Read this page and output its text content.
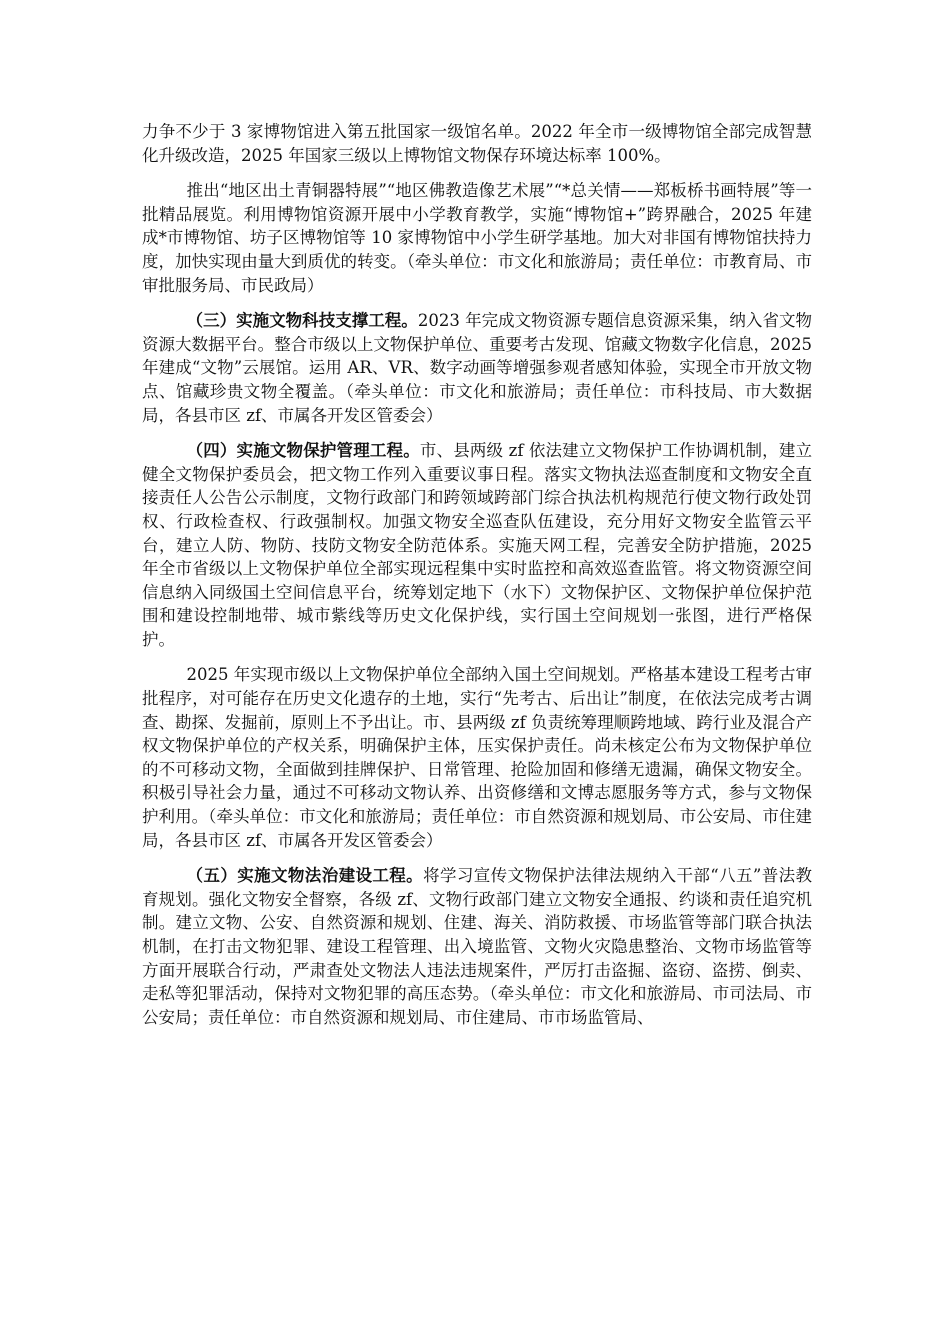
力争不少于 3 家博物馆进入第五批国家一级馆名单。2022 年全市一级博物馆全部完成智慧化升级改造，2025 年国家三级以上博物馆文物保存环境达标率 100%。

推出“地区出土青铜器特展”“地区佛教造像艺术展”“*总关情——郑板桥书画特展”等一批精品展览。利用博物馆资源开展中小学教育教学，实施“博物馆+”跨界融合，2025 年建成*市博物馆、坊子区博物馆等 10 家博物馆中小学生研学基地。加大对非国有博物馆扶持力度，加快实现由量大到质优的转变。（牵头单位：市文化和旅游局；责任单位：市教育局、市审批服务局、市民政局）

（三）实施文物科技支撑工程。2023 年完成文物资源专题信息资源采集，纳入省文物资源大数据平台。整合市级以上文物保护单位、重要考古发现、馆藏文物数字化信息，2025 年建成“文物”云展馆。运用 AR、VR、数字动画等增强参观者感知体验，实现全市开放文物点、馆藏珍贵文物全覆盖。（牵头单位：市文化和旅游局；责任单位：市科技局、市大数据局，各县市区 zf、市属各开发区管委会）

（四）实施文物保护管理工程。市、县两级 zf 依法建立文物保护工作协调机制，建立健全文物保护委员会，把文物工作列入重要议事日程。落实文物执法巡查制度和文物安全直接责任人公告公示制度，文物行政部门和跨领域跨部门综合执法机构规范行使文物行政处罚权、行政检查权、行政强制权。加强文物安全巡查队伍建设，充分用好文物安全监管云平台，建立人防、物防、技防文物安全防范体系。实施天网工程，完善安全防护措施，2025 年全市省级以上文物保护单位全部实现远程集中实时监控和高效巡查监管。将文物资源空间信息纳入同级国土空间信息平台，统筹划定地下（水下）文物保护区、文物保护单位保护范围和建设控制地带、城市紫线等历史文化保护线，实行国土空间规划一张图，进行严格保护。

2025 年实现市级以上文物保护单位全部纳入国土空间规划。严格基本建设工程考古审批程序，对可能存在历史文化遗存的土地，实行“先考古、后出让”制度，在依法完成考古调查、勘探、发掘前，原则上不予出让。市、县两级 zf 负责统筹理顺跨地域、跨行业及混合产权文物保护单位的产权关系，明确保护主体，压实保护责任。尚未核定公布为文物保护单位的不可移动文物，全面做到挂牌保护、日常管理、抢险加固和修缮无遗漏，确保文物安全。积极引导社会力量，通过不可移动文物认养、出资修缮和文博志愿服务等方式，参与文物保护利用。（牵头单位：市文化和旅游局；责任单位：市自然资源和规划局、市公安局、市住建局，各县市区 zf、市属各开发区管委会）

（五）实施文物法治建设工程。将学习宣传文物保护法律法规纳入干部“八五”普法教育规划。强化文物安全督察，各级 zf、文物行政部门建立文物安全通报、约谈和责任追究机制。建立文物、公安、自然资源和规划、住建、海关、消防救援、市场监管等部门联合执法机制，在打击文物犯罪、建设工程管理、出入境监管、文物火灾隐患整治、文物市场监管等方面开展联合行动，严肃查处文物法人违法违规案件，严厉打击盗掘、盗窃、盗捞、倒卖、走私等犯罪活动，保持对文物犯罪的高压态势。（牵头单位：市文化和旅游局、市司法局、市公安局；责任单位：市自然资源和规划局、市住建局、市市场监管局、
